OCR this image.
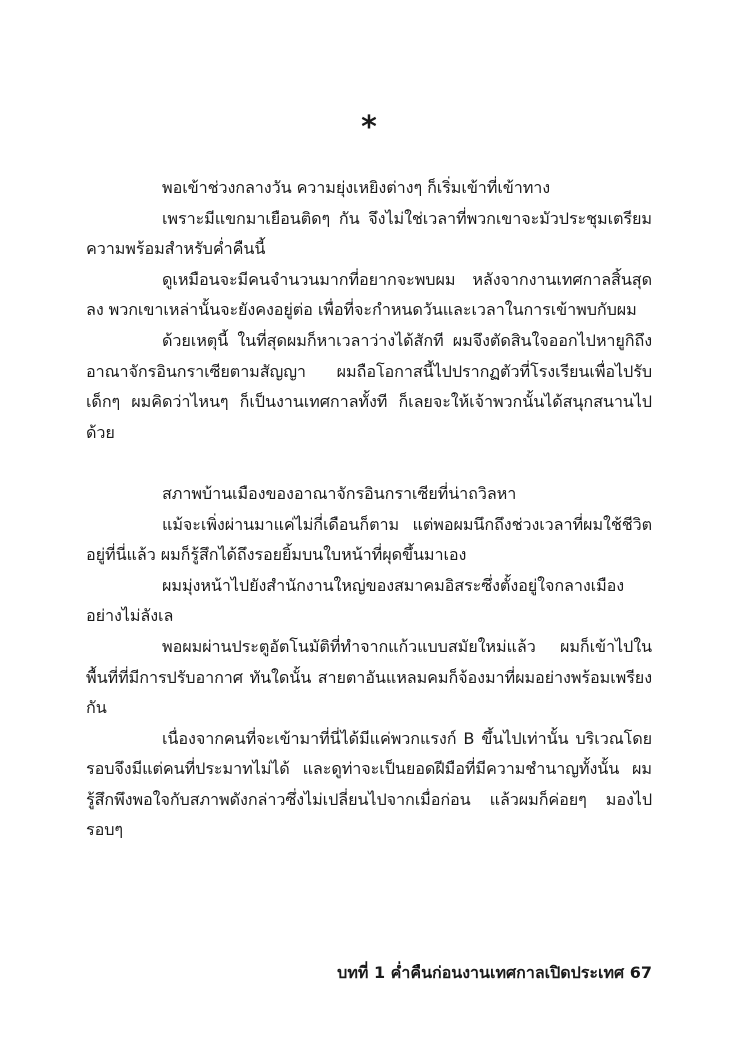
*

พอเข้าช่วงกลางวัน ความยุ่งเหยิงต่างๆ ก็เริ่มเข้าที่เข้าทาง

เพราะมีแขกมาเยือนติดๆ กัน จึงไม่ใช่เวลาที่พวกเขาจะมัวประชุมเตรียมความพร้อมสำหรับค่ำคืนนี้

ดูเหมือนจะมีคนจำนวนมากที่อยากจะพบผม หลังจากงานเทศกาลสิ้นสุดลง พวกเขาเหล่านั้นจะยังคงอยู่ต่อ เพื่อที่จะกำหนดวันและเวลาในการเข้าพบกับผม

ด้วยเหตุนี้ ในที่สุดผมก็หาเวลาว่างได้สักที ผมจึงตัดสินใจออกไปหายูกิถึงอาณาจักรอินกราเซียตามสัญญา ผมถือโอกาสนี้ไปปรากฏตัวที่โรงเรียนเพื่อไปรับเด็กๆ ผมคิดว่าไหนๆ ก็เป็นงานเทศกาลทั้งที ก็เลยจะให้เจ้าพวกนั้นได้สนุกสนานไปด้วย

สภาพบ้านเมืองของอาณาจักรอินกราเซียที่น่าถวิลหา

แม้จะเพิ่งผ่านมาแค่ไม่กี่เดือนก็ตาม แต่พอผมนึกถึงช่วงเวลาที่ผมใช้ชีวิตอยู่ที่นี่แล้ว ผมก็รู้สึกได้ถึงรอยยิ้มบนใบหน้าที่ผุดขึ้นมาเอง

ผมมุ่งหน้าไปยังสำนักงานใหญ่ของสมาคมอิสระซึ่งตั้งอยู่ใจกลางเมืองอย่างไม่ลังเล

พอผมผ่านประตูอัตโนมัติที่ทำจากแก้วแบบสมัยใหม่แล้ว ผมก็เข้าไปในพื้นที่ที่มีการปรับอากาศ ทันใดนั้น สายตาอันแหลมคมก็จ้องมาที่ผมอย่างพร้อมเพรียงกัน

เนื่องจากคนที่จะเข้ามาที่นี่ได้มีแค่พวกแรงก์ B ขึ้นไปเท่านั้น บริเวณโดยรอบจึงมีแต่คนที่ประมาทไม่ได้ และดูท่าจะเป็นยอดฝีมือที่มีความชำนาญทั้งนั้น ผมรู้สึกพึงพอใจกับสภาพดังกล่าวซึ่งไม่เปลี่ยนไปจากเมื่อก่อน แล้วผมก็ค่อยๆ มองไปรอบๆ

บทที่ 1 ค่ำคืนก่อนงานเทศกาลเปิดประเทศ 67
